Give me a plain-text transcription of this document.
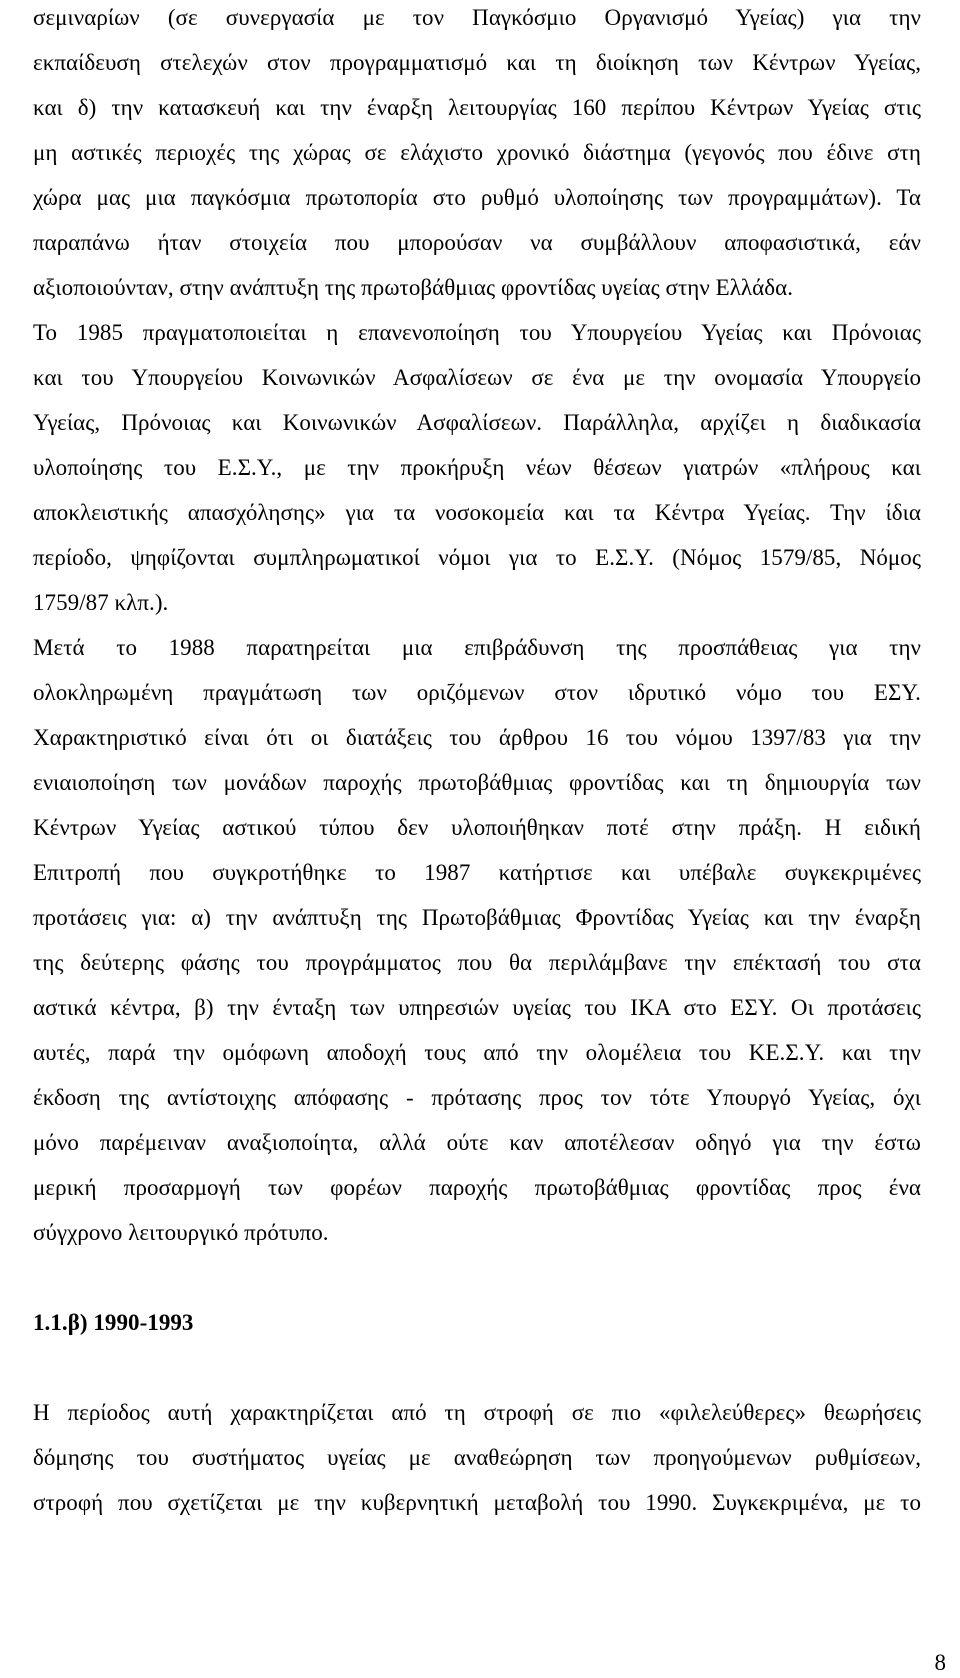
σεμιναρίων (σε συνεργασία με τον Παγκόσμιο Οργανισμό Υγείας) για την
εκπαίδευση στελεχών στον προγραμματισμό και τη διοίκηση των Κέντρων Υγείας,
και δ) την κατασκευή και την έναρξη λειτουργίας 160 περίπου Κέντρων Υγείας στις
μη αστικές περιοχές της χώρας σε ελάχιστο χρονικό διάστημα (γεγονός που έδινε στη
χώρα μας μια παγκόσμια πρωτοπορία στο ρυθμό υλοποίησης των προγραμμάτων). Τα
παραπάνω ήταν στοιχεία που μπορούσαν να συμβάλλουν αποφασιστικά, εάν
αξιοποιούνταν, στην ανάπτυξη της πρωτοβάθμιας φροντίδας υγείας στην Ελλάδα.
Το 1985 πραγματοποιείται η επανενοποίηση του Υπουργείου Υγείας και Πρόνοιας
και του Υπουργείου Κοινωνικών Ασφαλίσεων σε ένα με την ονομασία Υπουργείο
Υγείας, Πρόνοιας και Κοινωνικών Ασφαλίσεων. Παράλληλα, αρχίζει η διαδικασία
υλοποίησης του Ε.Σ.Υ., με την προκήρυξη νέων θέσεων γιατρών «πλήρους και
αποκλειστικής απασχόλησης» για τα νοσοκομεία και τα Κέντρα Υγείας. Την ίδια
περίοδο, ψηφίζονται συμπληρωματικοί νόμοι για το Ε.Σ.Υ. (Νόμος 1579/85, Νόμος
1759/87 κλπ.).
Μετά το 1988 παρατηρείται μια επιβράδυνση της προσπάθειας για την
ολοκληρωμένη πραγμάτωση των οριζόμενων στον ιδρυτικό νόμο του ΕΣΥ.
Χαρακτηριστικό είναι ότι οι διατάξεις του άρθρου 16 του νόμου 1397/83 για την
ενιαιοποίηση των μονάδων παροχής πρωτοβάθμιας φροντίδας και τη δημιουργία των
Κέντρων Υγείας αστικού τύπου δεν υλοποιήθηκαν ποτέ στην πράξη. Η ειδική
Επιτροπή που συγκροτήθηκε το 1987 κατήρτισε και υπέβαλε συγκεκριμένες
προτάσεις για: α) την ανάπτυξη της Πρωτοβάθμιας Φροντίδας Υγείας και την έναρξη
της δεύτερης φάσης του προγράμματος που θα περιλάμβανε την επέκτασή του στα
αστικά κέντρα, β) την ένταξη των υπηρεσιών υγείας του ΙΚΑ στο ΕΣΥ. Οι προτάσεις
αυτές, παρά την ομόφωνη αποδοχή τους από την ολομέλεια του ΚΕ.Σ.Υ. και την
έκδοση της αντίστοιχης απόφασης - πρότασης προς τον τότε Υπουργό Υγείας, όχι
μόνο παρέμειναν αναξιοποίητα, αλλά ούτε καν αποτέλεσαν οδηγό για την έστω
μερική προσαρμογή των φορέων παροχής πρωτοβάθμιας φροντίδας προς ένα
σύγχρονο λειτουργικό πρότυπο.
1.1.β) 1990-1993
Η περίοδος αυτή χαρακτηρίζεται από τη στροφή σε πιο «φιλελεύθερες» θεωρήσεις
δόμησης του συστήματος υγείας με αναθεώρηση των προηγούμενων ρυθμίσεων,
στροφή που σχετίζεται με την κυβερνητική μεταβολή του 1990. Συγκεκριμένα, με το
8
